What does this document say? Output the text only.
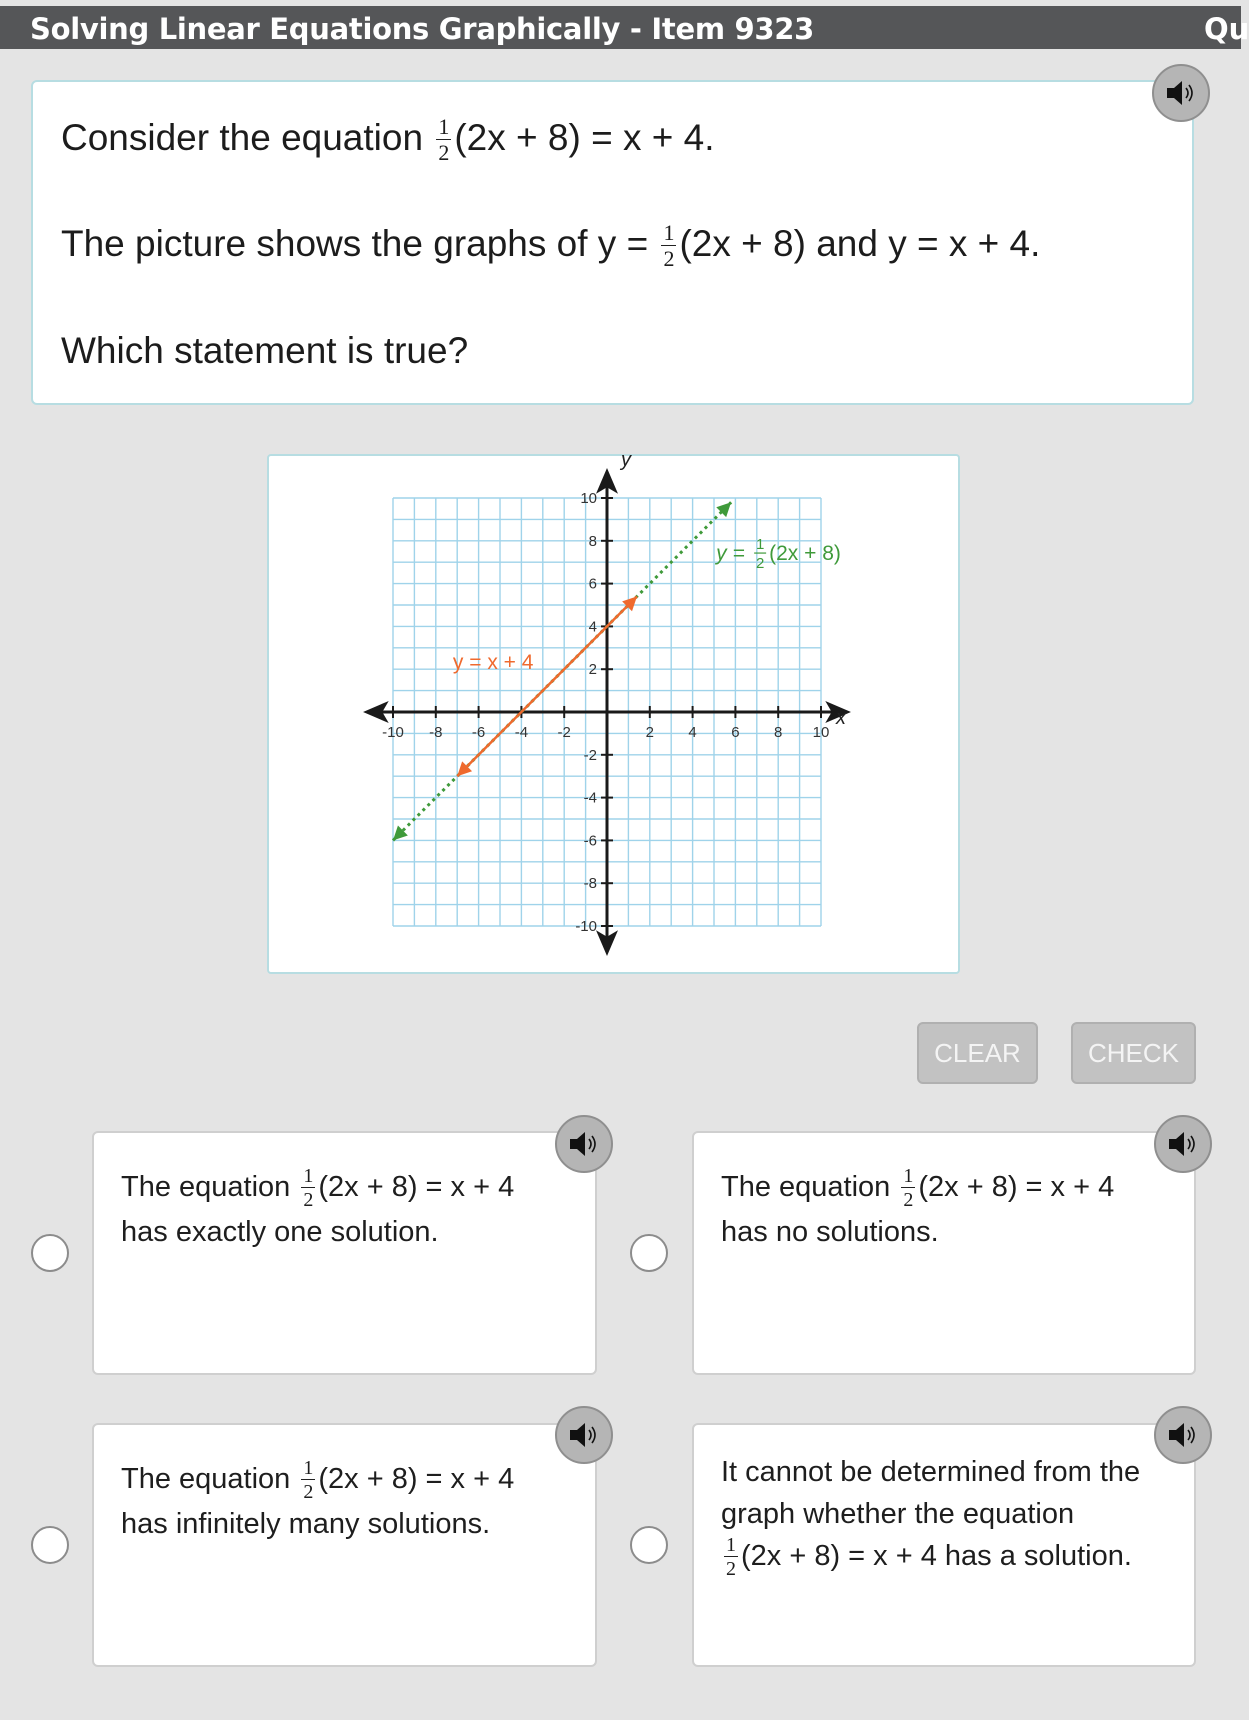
Solving Linear Equations Graphically - Item 9323	Qu
Consider the equation $\frac{1}{2} (2x + 8) = x + 4$.
The picture shows the graphs of $y = \frac{1}{2} (2x + 8)$ and y = x + 4.
Which statement is true?
-10 -8 -6 -4 -2	2 4 6 8 10
10
8
6
4
2
-2
-4
-6
-8
-10
y
x
y = x + 4
y = 1
2 (2x + 8)
CLEAR	CHECK
The equation $\frac{1}{2} (2x + 8) = x + 4$
has exactly one solution.
The equation $\frac{1}{2} (2x + 8) = x + 4$
has no solutions.
The equation $\frac{1}{2} (2x + 8) = x + 4$
has infinitely many solutions.
It cannot be determined from the
graph whether the equation

$\frac{1}{2} (2x + 8) = x + 4$ has a solution.
